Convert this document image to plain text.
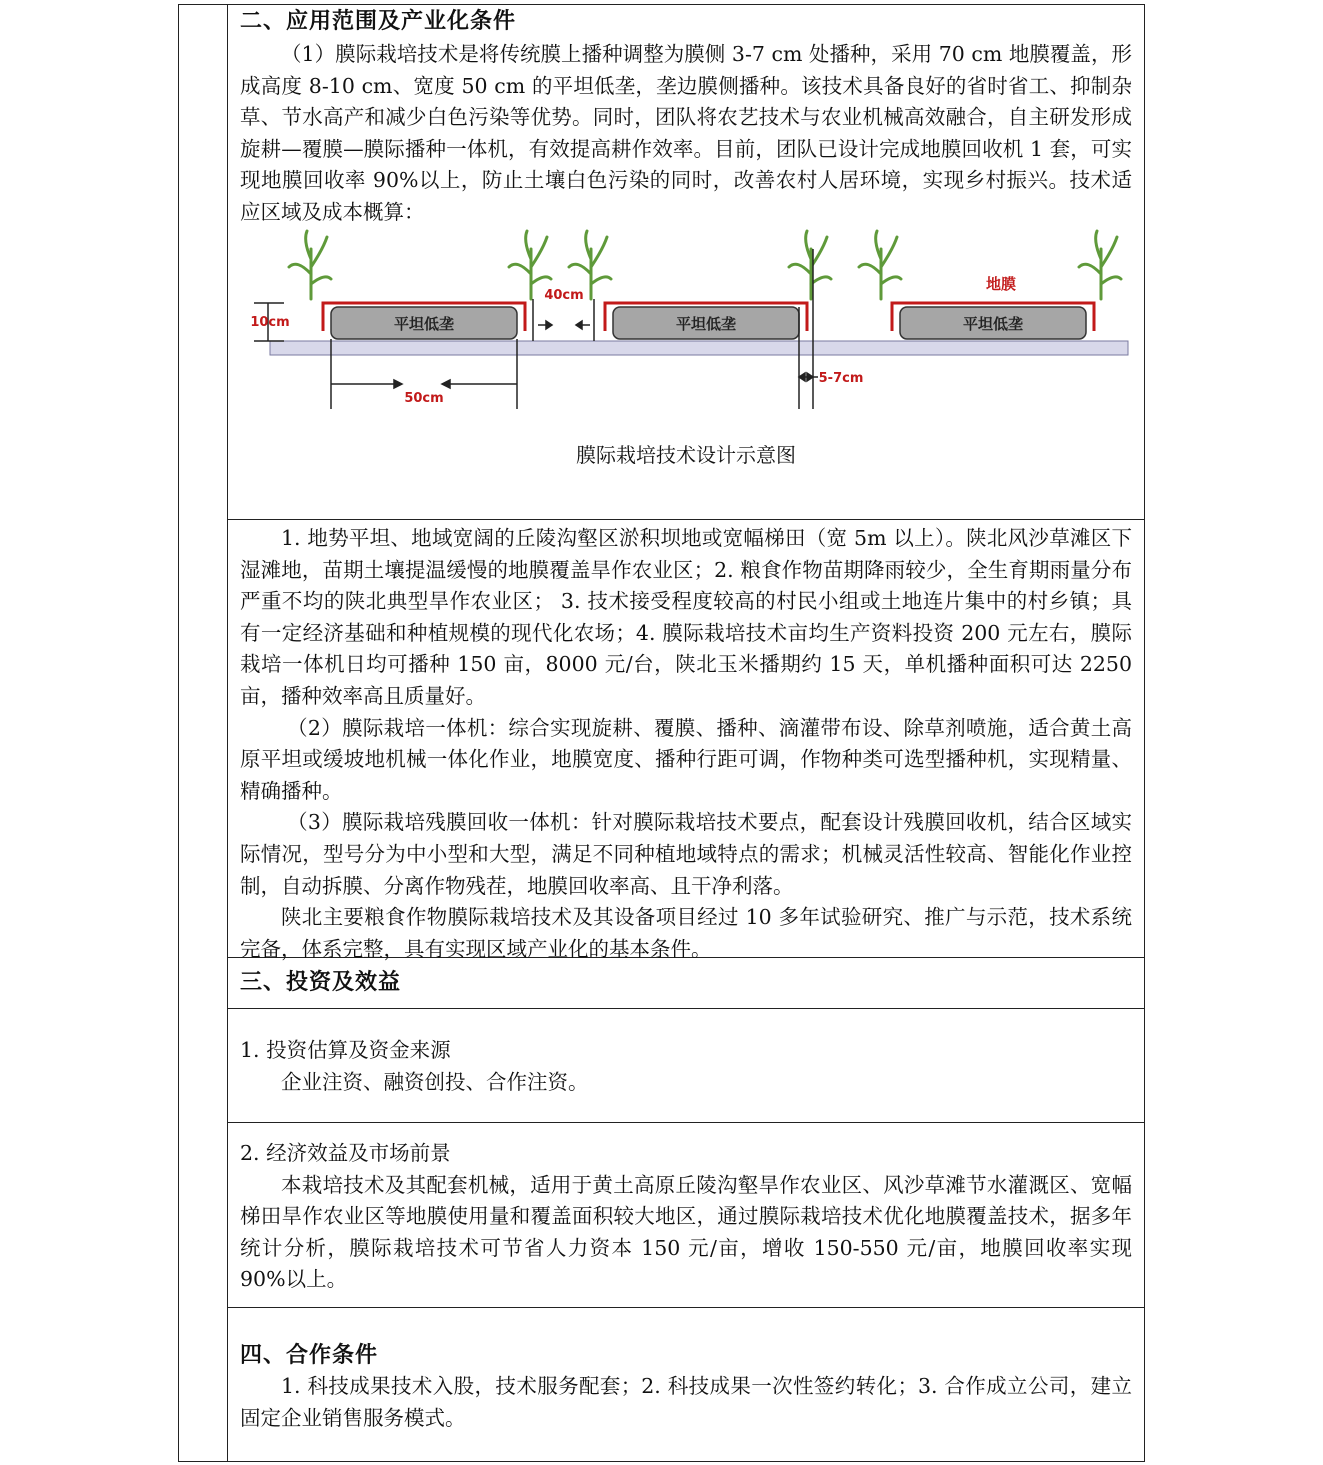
二、应用范围及产业化条件

（1）膜际栽培技术是将传统膜上播种调整为膜侧 3-7 cm 处播种，采用 70 cm 地膜覆盖，形成高度 8-10 cm、宽度 50 cm 的平坦低垄，垄边膜侧播种。该技术具备良好的省时省工、抑制杂草、节水高产和减少白色污染等优势。同时，团队将农艺技术与农业机械高效融合，自主研发形成旋耕—覆膜—膜际播种一体机，有效提高耕作效率。目前，团队已设计完成地膜回收机 1 套，可实现地膜回收率 90%以上，防止土壤白色污染的同时，改善农村人居环境，实现乡村振兴。技术适应区域及成本概算：

平坦低垄	平坦低垄	平坦低垄
地膜
10cm
40cm
50cm
5-7cm
膜际栽培技术设计示意图

1. 地势平坦、地域宽阔的丘陵沟壑区淤积坝地或宽幅梯田（宽 5m 以上）。陕北风沙草滩区下湿滩地，苗期土壤提温缓慢的地膜覆盖旱作农业区；2. 粮食作物苗期降雨较少，全生育期雨量分布严重不均的陕北典型旱作农业区； 3. 技术接受程度较高的村民小组或土地连片集中的村乡镇；具有一定经济基础和种植规模的现代化农场；4. 膜际栽培技术亩均生产资料投资 200 元左右，膜际栽培一体机日均可播种 150 亩，8000 元/台，陕北玉米播期约 15 天，单机播种面积可达 2250 亩，播种效率高且质量好。

（2）膜际栽培一体机：综合实现旋耕、覆膜、播种、滴灌带布设、除草剂喷施，适合黄土高原平坦或缓坡地机械一体化作业，地膜宽度、播种行距可调，作物种类可选型播种机，实现精量、精确播种。

（3）膜际栽培残膜回收一体机：针对膜际栽培技术要点，配套设计残膜回收机，结合区域实际情况，型号分为中小型和大型，满足不同种植地域特点的需求；机械灵活性较高、智能化作业控制，自动拆膜、分离作物残茬，地膜回收率高、且干净利落。

陕北主要粮食作物膜际栽培技术及其设备项目经过 10 多年试验研究、推广与示范，技术系统完备，体系完整，具有实现区域产业化的基本条件。

三、投资及效益

1. 投资估算及资金来源

企业注资、融资创投、合作注资。

2. 经济效益及市场前景

本栽培技术及其配套机械，适用于黄土高原丘陵沟壑旱作农业区、风沙草滩节水灌溉区、宽幅梯田旱作农业区等地膜使用量和覆盖面积较大地区，通过膜际栽培技术优化地膜覆盖技术，据多年统计分析，膜际栽培技术可节省人力资本 150 元/亩，增收 150-550 元/亩，地膜回收率实现 90%以上。

四、合作条件

1. 科技成果技术入股，技术服务配套；2. 科技成果一次性签约转化；3. 合作成立公司，建立固定企业销售服务模式。
